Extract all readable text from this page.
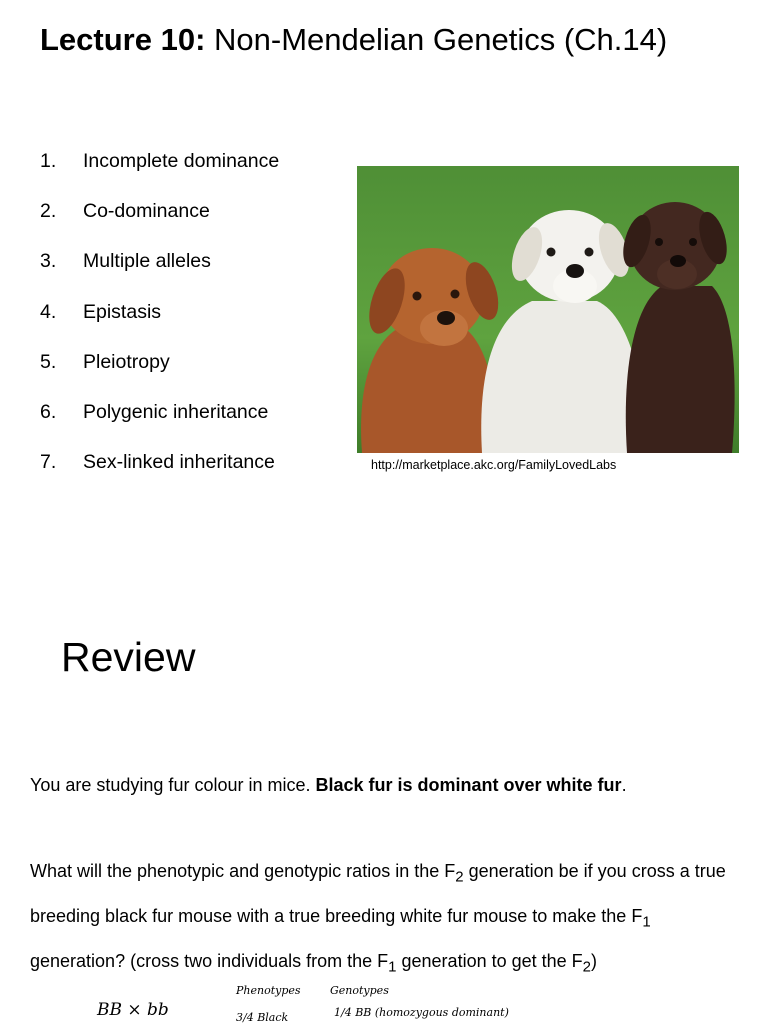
Lecture 10: Non-Mendelian Genetics (Ch.14)
1.	Incomplete dominance
2.	Co-dominance
3.	Multiple alleles
4.	Epistasis
5.	Pleiotropy
6.	Polygenic inheritance
7.	Sex-linked inheritance	http://marketplace.akc.org/FamilyLovedLabs
Review
You are studying fur colour in mice. Black fur is dominant over white fur.
What will the phenotypic and genotypic ratios in the $F_2$ generation be if you cross a true breeding black fur mouse with a true breeding white fur mouse to make the $F_1$ generation? (cross two individuals from the $F_1$ generation to get the $F_2$)
BB × bb
Phenotypes	Genotypes
3/4 Black	1/4 BB (homozygous dominant)
